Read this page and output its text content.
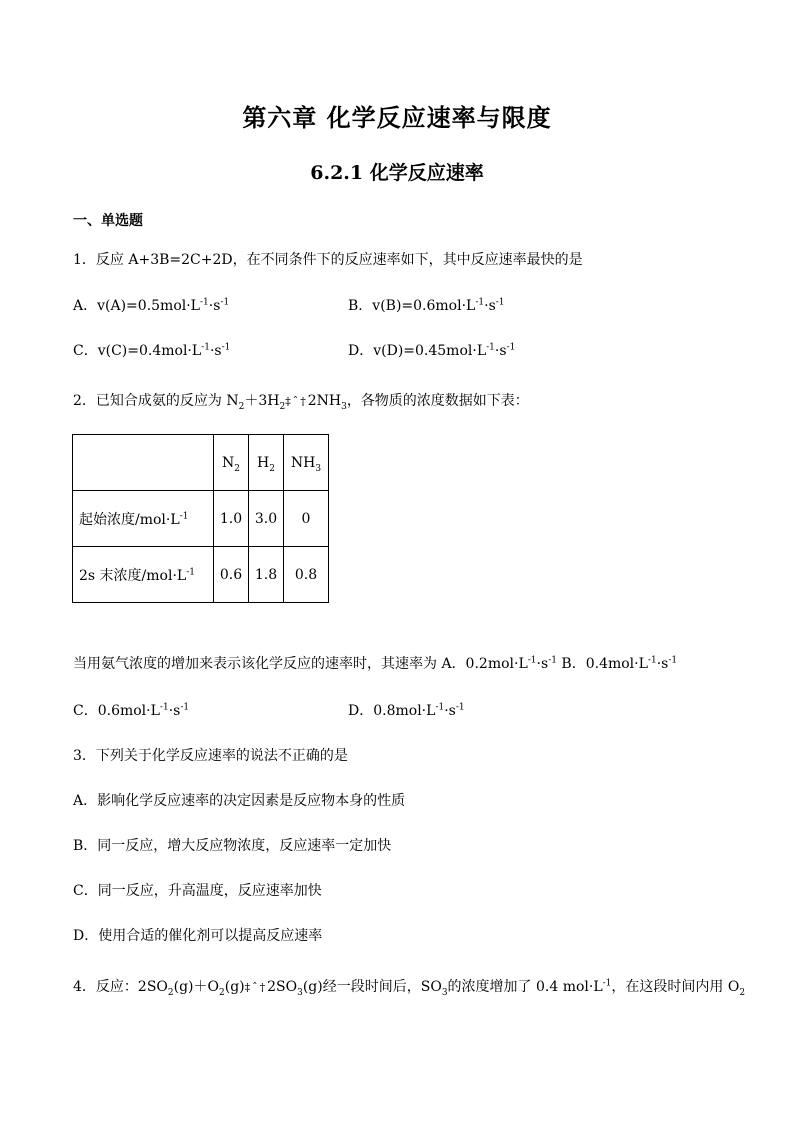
第六章 化学反应速率与限度
6.2.1 化学反应速率
一、单选题
1．反应 A+3B=2C+2D，在不同条件下的反应速率如下，其中反应速率最快的是
A．$v(A)=0.5mol\cdot L^{-1}\cdot s^{-1}$	B．$v(B)=0.6mol\cdot L^{-1}\cdot s^{-1}$
C．$v(C)=0.4mol\cdot L^{-1}\cdot s^{-1}$	D．$v(D)=0.45mol\cdot L^{-1}\cdot s^{-1}$
2．已知合成氨的反应为 $N_2+3H_2\ddagger ˆ\dagger 2NH_3$，各物质的浓度数据如下表：
	$N_2$	$H_2$	$NH_3$
起始浓度$/mol\cdot L^{-1}$	1.0	3.0	0
2s 末浓度$/mol\cdot L^{-1}$	0.6	1.8	0.8
当用氨气浓度的增加来表示该化学反应的速率时，其速率为 A．$0.2mol\cdot L^{-1}\cdot s^{-1}$ B．$0.4mol\cdot L^{-1}\cdot s^{-1}$
C．$0.6mol\cdot L^{-1}\cdot s^{-1}$	D．$0.8mol\cdot L^{-1}\cdot s^{-1}$
3．下列关于化学反应速率的说法不正确的是
A．影响化学反应速率的决定因素是反应物本身的性质
B．同一反应，增大反应物浓度，反应速率一定加快
C．同一反应，升高温度，反应速率加快
D．使用合适的催化剂可以提高反应速率
4．反应：$2SO_2(g)+O_2(g)\ddagger ˆ\dagger 2SO_3(g)$经一段时间后，$SO_3$的浓度增加了 0.4 $mol\cdot L^{-1}$，在这段时间内用 $O_2$
